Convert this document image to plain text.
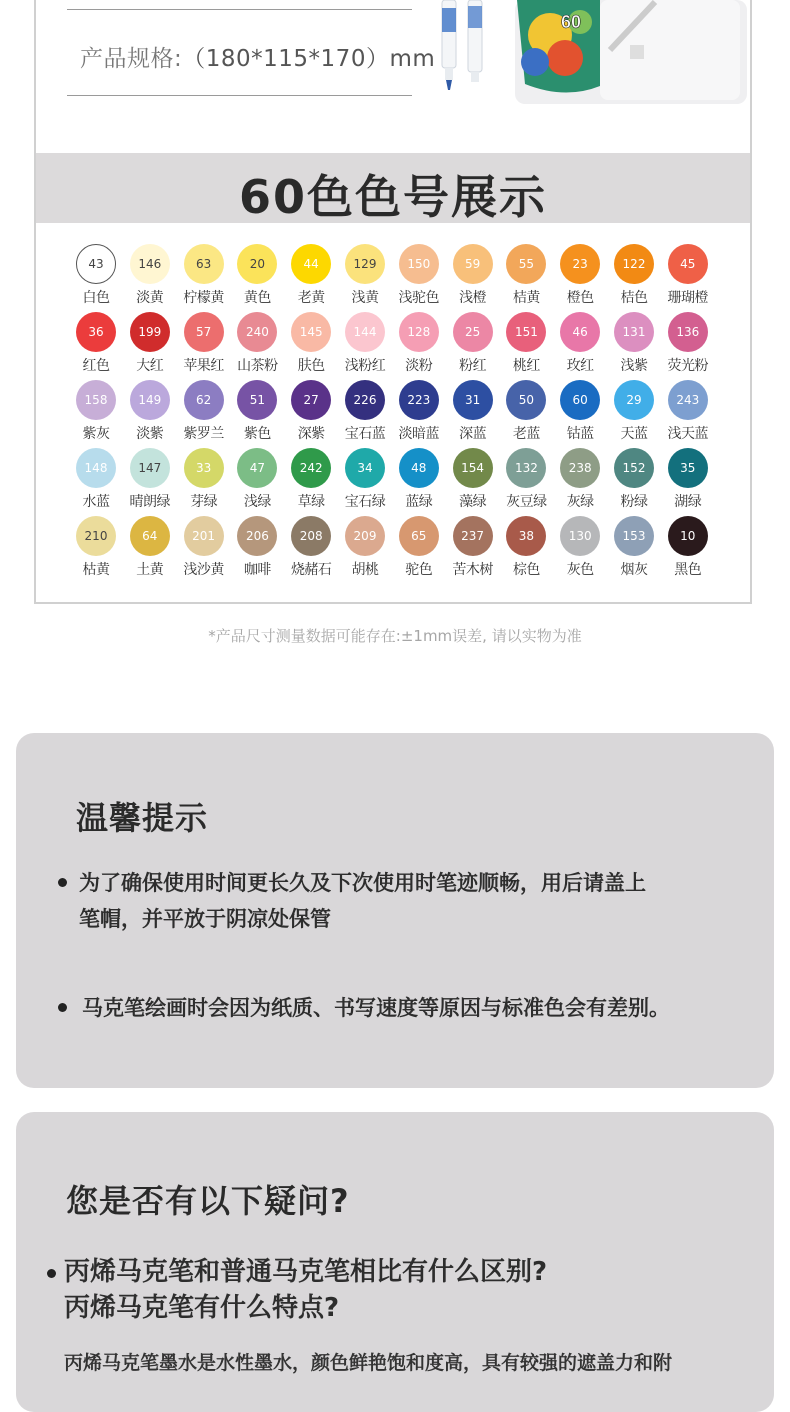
产品规格:（180*115*170）mm
60
60色色号展示
43
白色
146
淡黄
63
柠檬黄
20
黄色
44
老黄
129
浅黄
150
浅驼色
59
浅橙
55
桔黄
23
橙色
122
桔色
45
珊瑚橙
36
红色
199
大红
57
苹果红
240
山茶粉
145
肤色
144
浅粉红
128
淡粉
25
粉红
151
桃红
46
玫红
131
浅紫
136
荧光粉
158
紫灰
149
淡紫
62
紫罗兰
51
紫色
27
深紫
226
宝石蓝
223
淡暗蓝
31
深蓝
50
老蓝
60
钴蓝
29
天蓝
243
浅天蓝
148
水蓝
147
晴朗绿
33
芽绿
47
浅绿
242
草绿
34
宝石绿
48
蓝绿
154
藻绿
132
灰豆绿
238
灰绿
152
粉绿
35
湖绿
210
枯黄
64
土黄
201
浅沙黄
206
咖啡
208
烧赭石
209
胡桃
65
驼色
237
苦木树
38
棕色
130
灰色
153
烟灰
10
黑色
*产品尺寸测量数据可能存在:±1mm误差, 请以实物为准
温馨提示
为了确保使用时间更长久及下次使用时笔迹顺畅，用后请盖上
笔帽，并平放于阴凉处保管
马克笔绘画时会因为纸质、书写速度等原因与标准色会有差别。
您是否有以下疑问?
丙烯马克笔和普通马克笔相比有什么区别?
丙烯马克笔有什么特点?
丙烯马克笔墨水是水性墨水，颜色鲜艳饱和度高，具有较强的遮盖力和附
